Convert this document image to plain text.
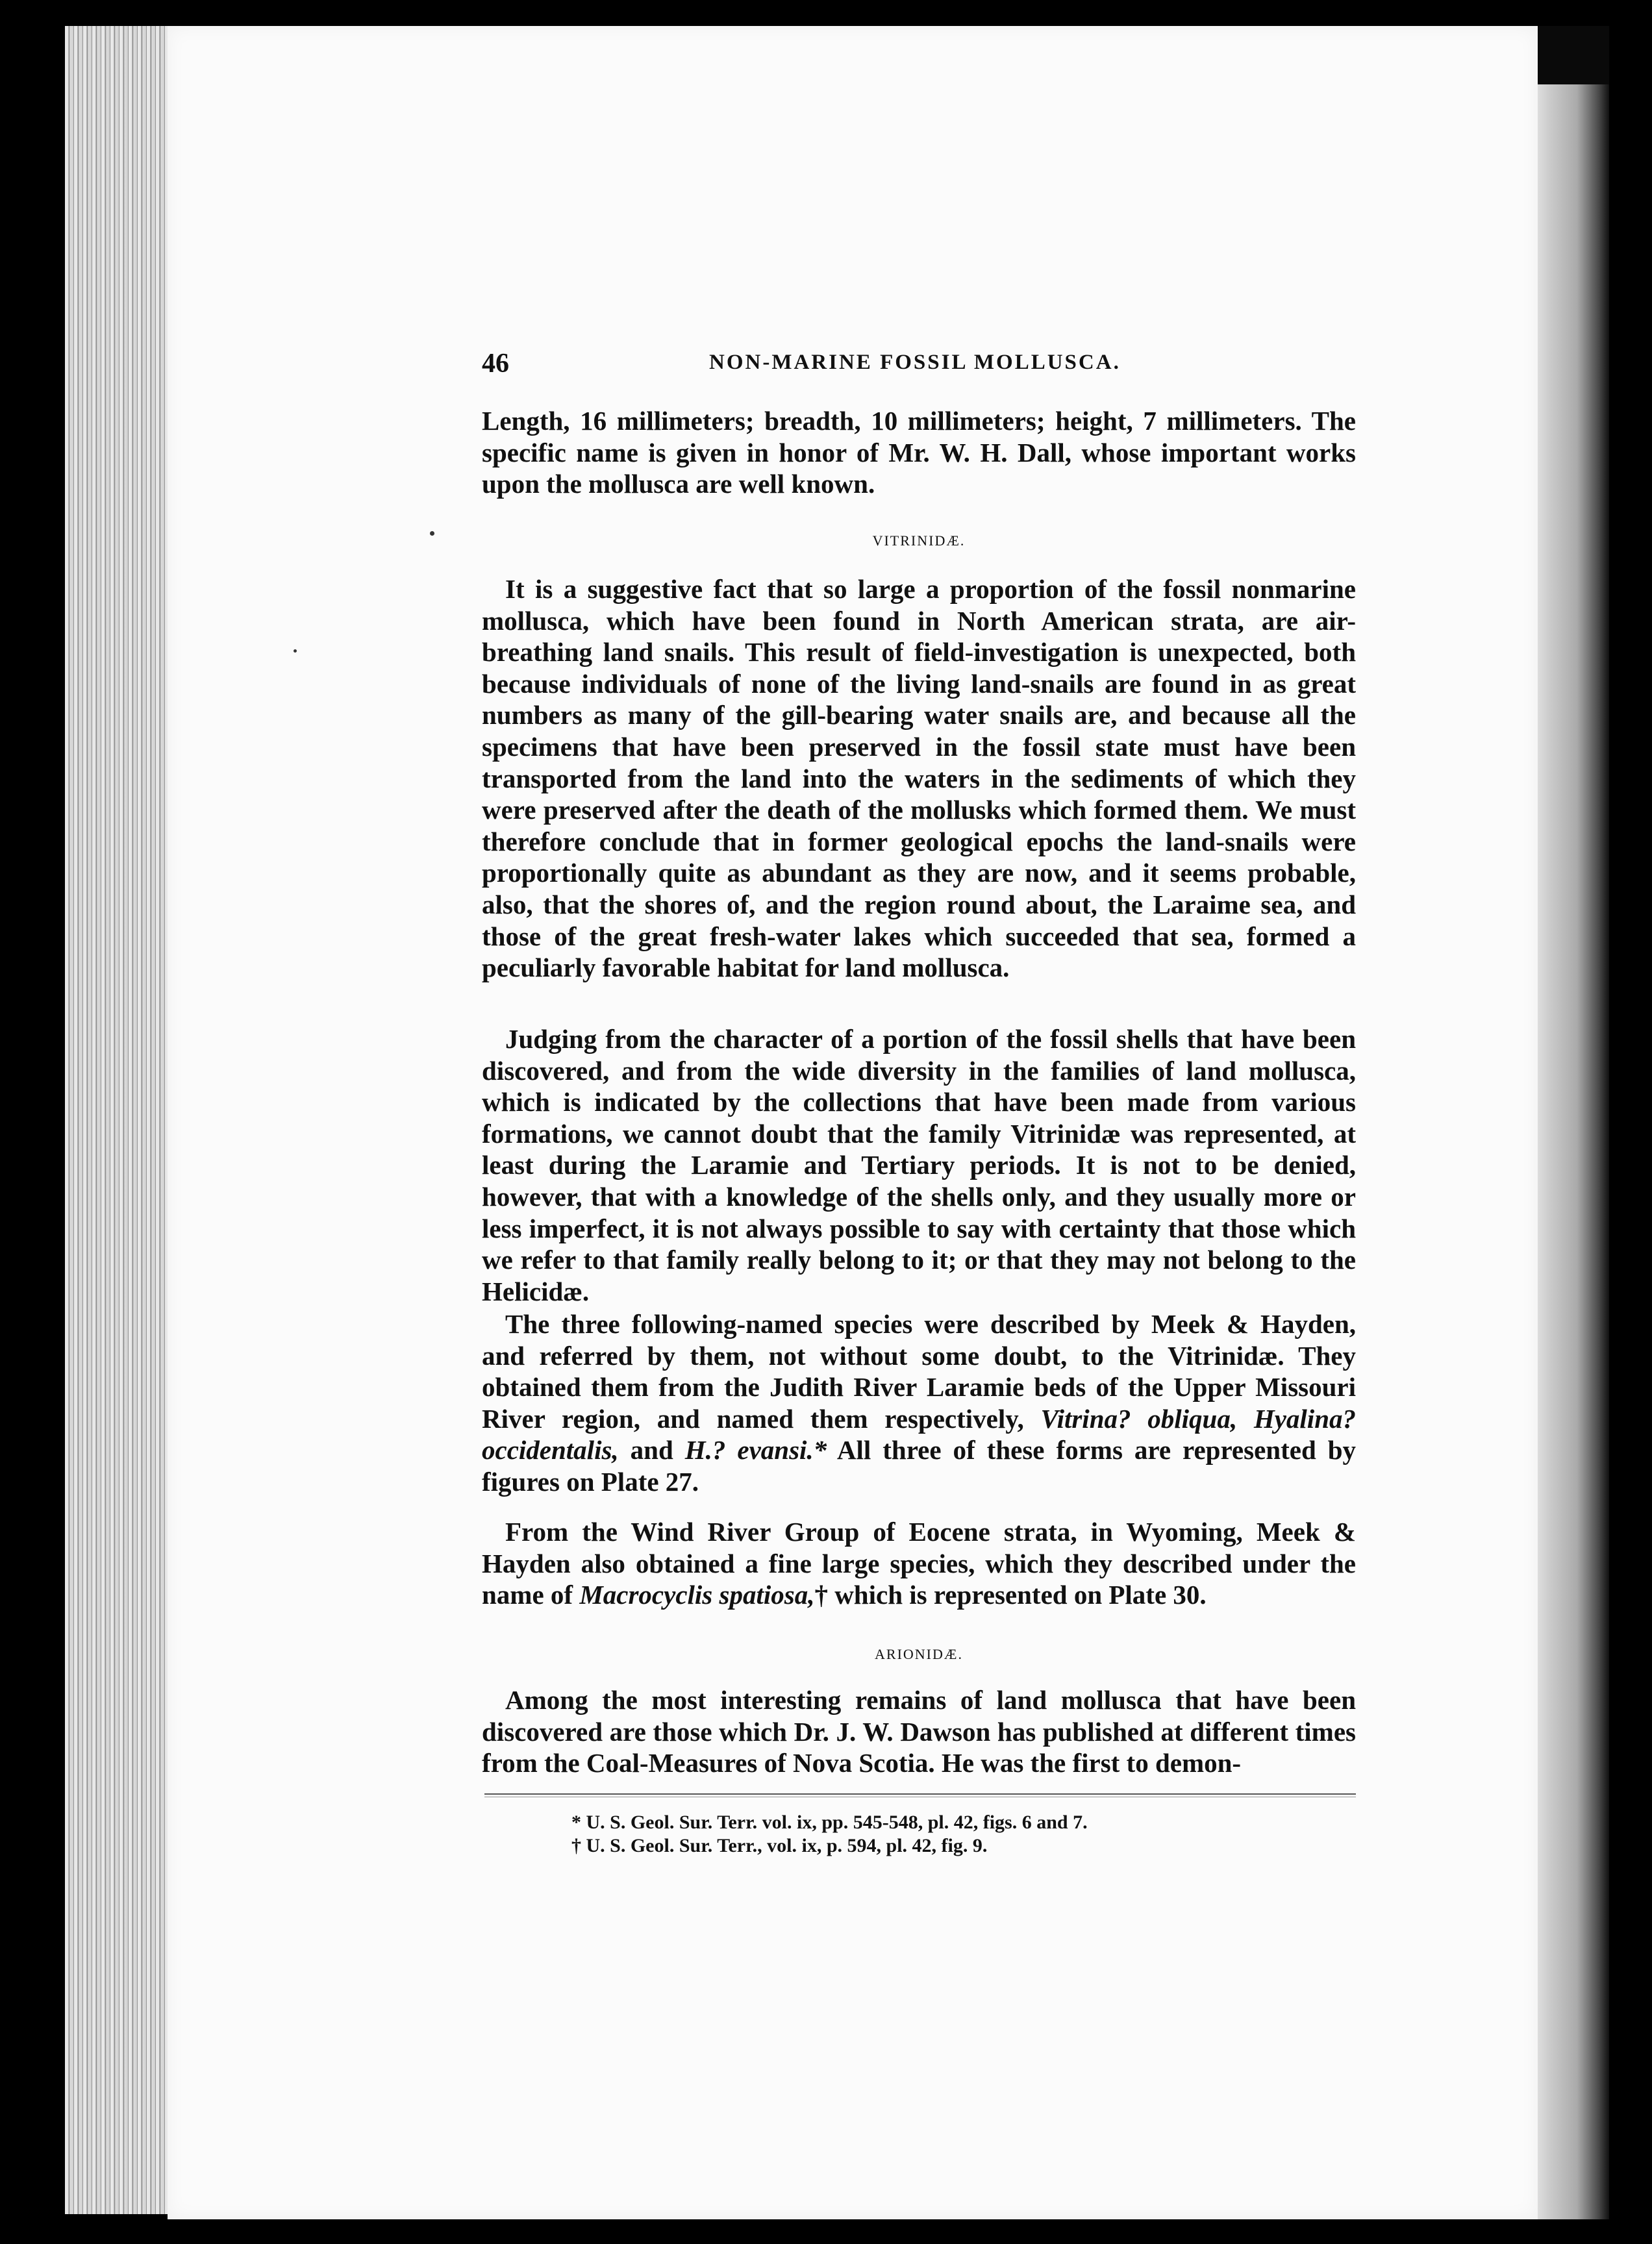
46	NON-MARINE FOSSIL MOLLUSCA.

Length, 16 millimeters; breadth, 10 millimeters; height, 7 millimeters. The specific name is given in honor of Mr. W. H. Dall, whose important works upon the mollusca are well known.

VITRINIDÆ.

It is a suggestive fact that so large a proportion of the fossil nonmarine mollusca, which have been found in North American strata, are air-breathing land snails. This result of field-investigation is unexpected, both because individuals of none of the living land-snails are found in as great numbers as many of the gill-bearing water snails are, and because all the specimens that have been preserved in the fossil state must have been transported from the land into the waters in the sediments of which they were preserved after the death of the mollusks which formed them. We must therefore conclude that in former geological epochs the land-snails were proportionally quite as abundant as they are now, and it seems probable, also, that the shores of, and the region round about, the Laraime sea, and those of the great fresh-water lakes which succeeded that sea, formed a peculiarly favorable habitat for land mollusca.

Judging from the character of a portion of the fossil shells that have been discovered, and from the wide diversity in the families of land mollusca, which is indicated by the collections that have been made from various formations, we cannot doubt that the family Vitrinidæ was represented, at least during the Laramie and Tertiary periods. It is not to be denied, however, that with a knowledge of the shells only, and they usually more or less imperfect, it is not always possible to say with certainty that those which we refer to that family really belong to it; or that they may not belong to the Helicidæ.

The three following-named species were described by Meek & Hayden, and referred by them, not without some doubt, to the Vitrinidæ. They obtained them from the Judith River Laramie beds of the Upper Missouri River region, and named them respectively, Vitrina? obliqua, Hyalina? occidentalis, and H.? evansi.* All three of these forms are represented by figures on Plate 27.

From the Wind River Group of Eocene strata, in Wyoming, Meek & Hayden also obtained a fine large species, which they described under the name of Macrocyclis spatiosa,† which is represented on Plate 30.

ARIONIDÆ.

Among the most interesting remains of land mollusca that have been discovered are those which Dr. J. W. Dawson has published at different times from the Coal-Measures of Nova Scotia. He was the first to demon-

* U. S. Geol. Sur. Terr. vol. ix, pp. 545-548, pl. 42, figs. 6 and 7.
† U. S. Geol. Sur. Terr., vol. ix, p. 594, pl. 42, fig. 9.
